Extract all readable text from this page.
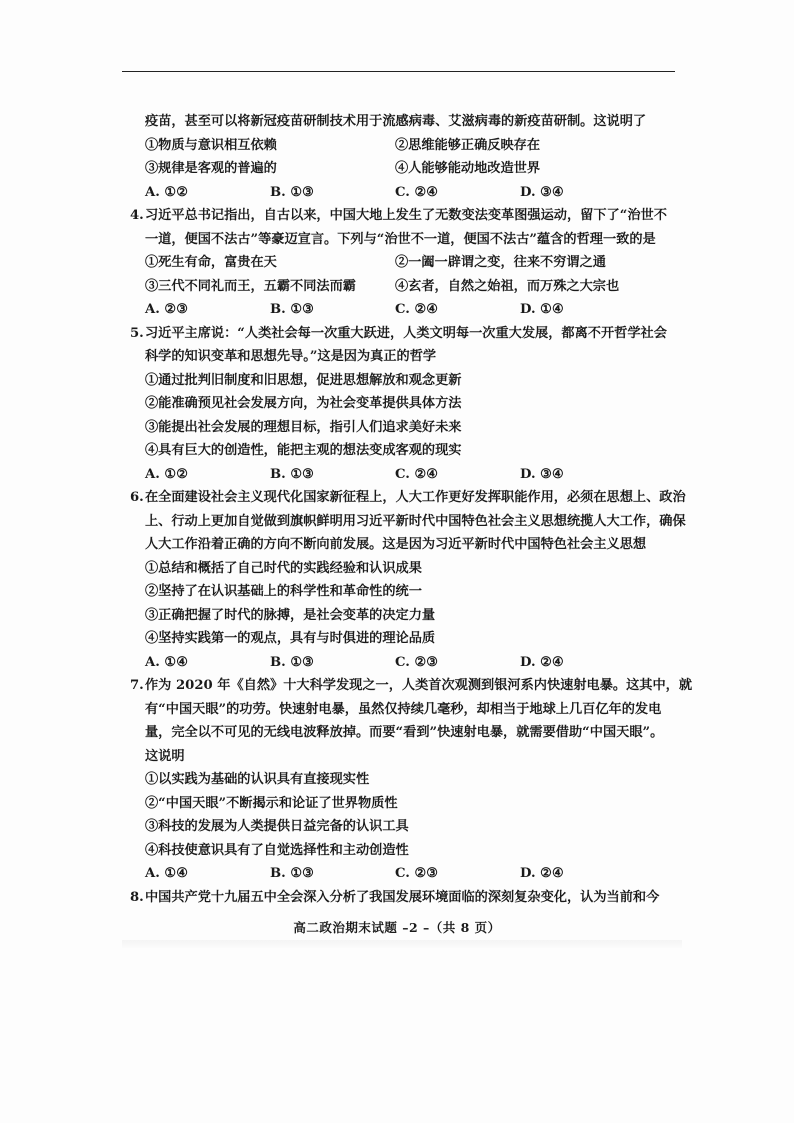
疫苗，甚至可以将新冠疫苗研制技术用于流感病毒、艾滋病毒的新疫苗研制。这说明了
①物质与意识相互依赖	②思维能够正确反映存在
③规律是客观的普遍的	④人能够能动地改造世界
A. ①②	B. ①③	C. ②④	D. ③④
4. 习近平总书记指出，自古以来，中国大地上发生了无数变法变革图强运动，留下了“治世不
一道，便国不法古”等豪迈宣言。下列与“治世不一道，便国不法古”蕴含的哲理一致的是
①死生有命，富贵在天	②一阖一辟谓之变，往来不穷谓之通
③三代不同礼而王，五霸不同法而霸	④玄者，自然之始祖，而万殊之大宗也
A. ②③	B. ①③	C. ②④	D. ①④
5. 习近平主席说：“人类社会每一次重大跃进，人类文明每一次重大发展，都离不开哲学社会
科学的知识变革和思想先导。”这是因为真正的哲学
①通过批判旧制度和旧思想，促进思想解放和观念更新
②能准确预见社会发展方向，为社会变革提供具体方法
③能提出社会发展的理想目标，指引人们追求美好未来
④具有巨大的创造性，能把主观的想法变成客观的现实
A. ①②	B. ①③	C. ②④	D. ③④
6. 在全面建设社会主义现代化国家新征程上，人大工作更好发挥职能作用，必须在思想上、政治
上、行动上更加自觉做到旗帜鲜明用习近平新时代中国特色社会主义思想统揽人大工作，确保
人大工作沿着正确的方向不断向前发展。这是因为习近平新时代中国特色社会主义思想
①总结和概括了自己时代的实践经验和认识成果
②坚持了在认识基础上的科学性和革命性的统一
③正确把握了时代的脉搏，是社会变革的决定力量
④坚持实践第一的观点，具有与时俱进的理论品质
A. ①④	B. ①③	C. ②③	D. ②④
7. 作为 2020 年《自然》十大科学发现之一，人类首次观测到银河系内快速射电暴。这其中，就
有“中国天眼”的功劳。快速射电暴，虽然仅持续几毫秒，却相当于地球上几百亿年的发电
量，完全以不可见的无线电波释放掉。而要“看到”快速射电暴，就需要借助“中国天眼”。
这说明
①以实践为基础的认识具有直接现实性
②“中国天眼”不断揭示和论证了世界物质性
③科技的发展为人类提供日益完备的认识工具
④科技使意识具有了自觉选择性和主动创造性
A. ①④	B. ①③	C. ②③	D. ②④
8. 中国共产党十九届五中全会深入分析了我国发展环境面临的深刻复杂变化，认为当前和今
高二政治期末试题 –2 –（共 8 页）
